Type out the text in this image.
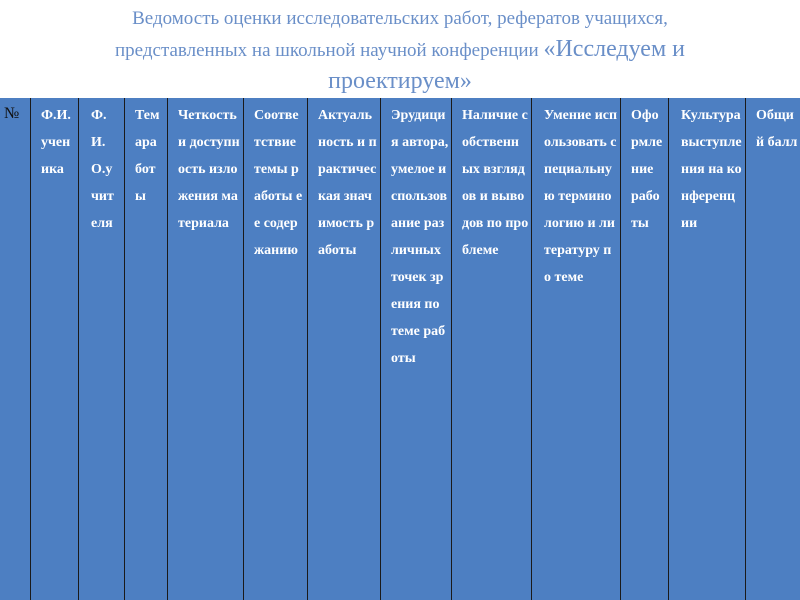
Ведомость оценки исследовательских работ, рефератов учащихся,
представленных на школьной научной конференции «Исследуем и
проектируем»
№	Ф.И.ученика
Ф.И.О.учителя
Темаработы
Четкость и доступность изложения материала
Соответствие темы работы ее содержанию
Актуальность и практическая значимость работы
Эрудиция автора, умелое использование различных точек зрения по теме работы
Наличие собственных взглядов и выводов по проблеме
Умение использовать специальную терминологию и литературу по теме
Оформление работы
Культура выступления на конференции
Общий балл
